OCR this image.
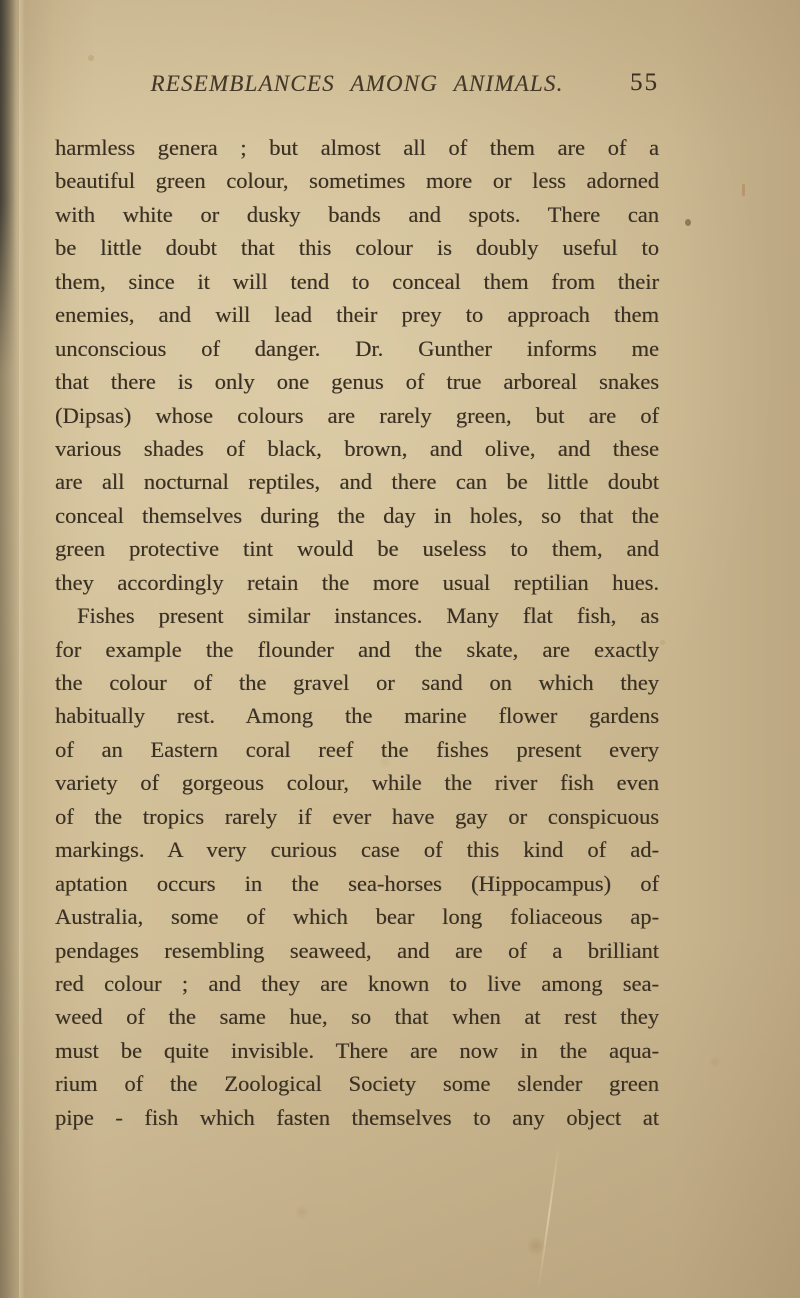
RESEMBLANCES AMONG ANIMALS.	55
harmless genera ; but almost all of them are of a
beautiful green colour, sometimes more or less adorned
with white or dusky bands and spots. There can
be little doubt that this colour is doubly useful to
them, since it will tend to conceal them from their
enemies, and will lead their prey to approach them
unconscious of danger. Dr. Gunther informs me
that there is only one genus of true arboreal snakes
(Dipsas) whose colours are rarely green, but are of
various shades of black, brown, and olive, and these
are all nocturnal reptiles, and there can be little doubt
conceal themselves during the day in holes, so that the
green protective tint would be useless to them, and
they accordingly retain the more usual reptilian hues.
Fishes present similar instances. Many flat fish, as
for example the flounder and the skate, are exactly
the colour of the gravel or sand on which they
habitually rest. Among the marine flower gardens
of an Eastern coral reef the fishes present every
variety of gorgeous colour, while the river fish even
of the tropics rarely if ever have gay or conspicuous
markings. A very curious case of this kind of ad-
aptation occurs in the sea-horses (Hippocampus) of
Australia, some of which bear long foliaceous ap-
pendages resembling seaweed, and are of a brilliant
red colour ; and they are known to live among sea-
weed of the same hue, so that when at rest they
must be quite invisible. There are now in the aqua-
rium of the Zoological Society some slender green
pipe - fish which fasten themselves to any object at
